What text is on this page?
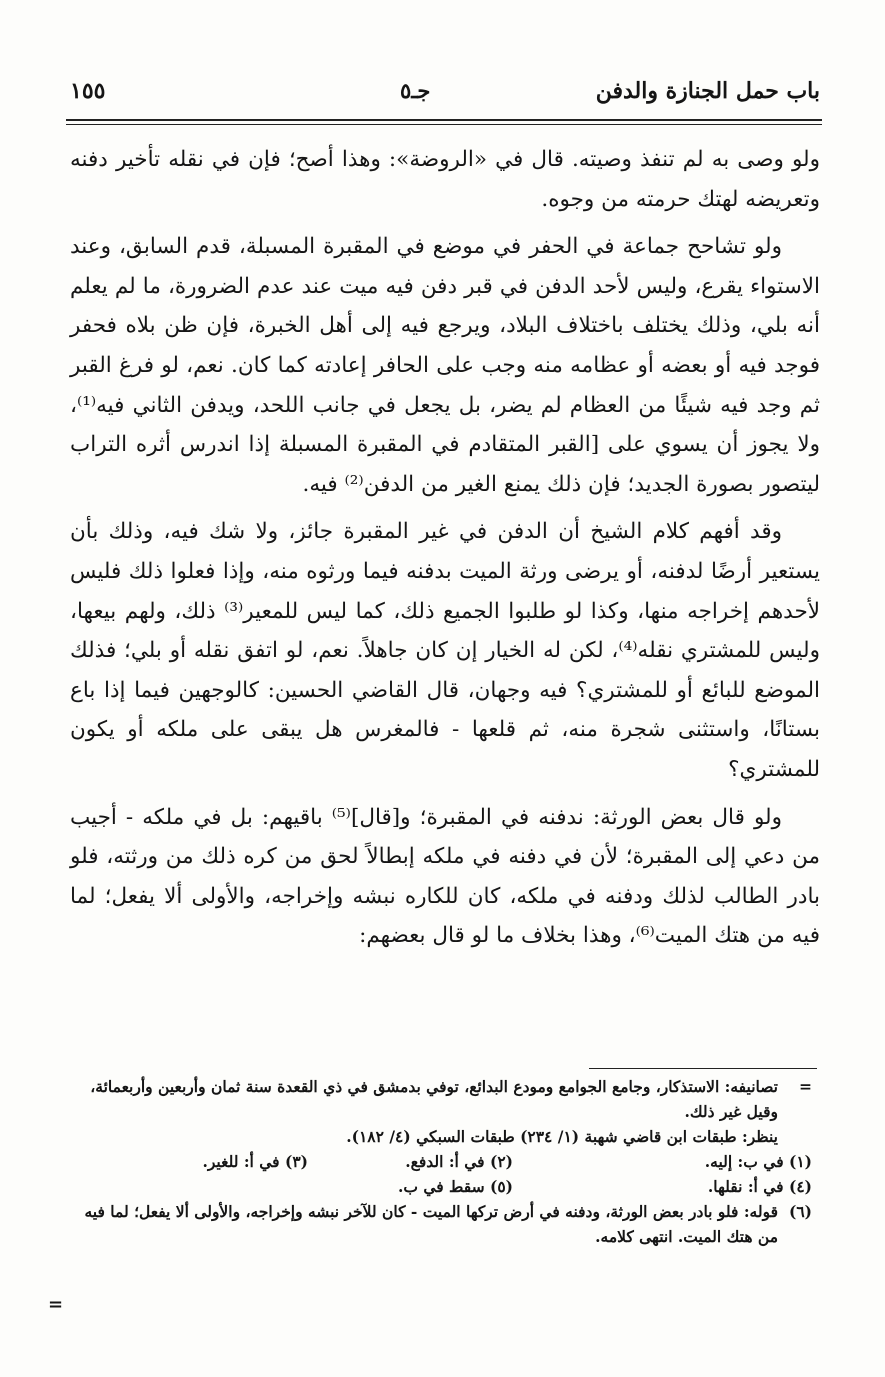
باب حمل الجنازة والدفن
جـ٥
١٥٥

ولو وصى به لم تنفذ وصيته. قال في «الروضة»: وهذا أصح؛ فإن في نقله تأخير دفنه وتعريضه لهتك حرمته من وجوه.

ولو تشاحح جماعة في الحفر في موضع في المقبرة المسبلة، قدم السابق، وعند الاستواء يقرع، وليس لأحد الدفن في قبر دفن فيه ميت عند عدم الضرورة، ما لم يعلم أنه بلي، وذلك يختلف باختلاف البلاد، ويرجع فيه إلى أهل الخبرة، فإن ظن بلاه فحفر فوجد فيه أو بعضه أو عظامه منه وجب على الحافر إعادته كما كان. نعم، لو فرغ القبر ثم وجد فيه شيئًا من العظام لم يضر، بل يجعل في جانب اللحد، ويدفن الثاني فيه⁽¹⁾، ولا يجوز أن يسوي على [القبر المتقادم في المقبرة المسبلة إذا اندرس أثره التراب ليتصور بصورة الجديد؛ فإن ذلك يمنع الغير من الدفن⁽²⁾ فيه.

وقد أفهم كلام الشيخ أن الدفن في غير المقبرة جائز، ولا شك فيه، وذلك بأن يستعير أرضًا لدفنه، أو يرضى ورثة الميت بدفنه فيما ورثوه منه، وإذا فعلوا ذلك فليس لأحدهم إخراجه منها، وكذا لو طلبوا الجميع ذلك، كما ليس للمعير⁽³⁾ ذلك، ولهم بيعها، وليس للمشتري نقله⁽⁴⁾، لكن له الخيار إن كان جاهلاً. نعم، لو اتفق نقله أو بلي؛ فذلك الموضع للبائع أو للمشتري؟ فيه وجهان، قال القاضي الحسين: كالوجهين فيما إذا باع بستانًا، واستثنى شجرة منه، ثم قلعها - فالمغرس هل يبقى على ملكه أو يكون للمشتري؟

ولو قال بعض الورثة: ندفنه في المقبرة؛ و[قال]⁽⁵⁾ باقيهم: بل في ملكه - أجيب من دعي إلى المقبرة؛ لأن في دفنه في ملكه إبطالاً لحق من كره ذلك من ورثته، فلو بادر الطالب لذلك ودفنه في ملكه، كان للكاره نبشه وإخراجه، والأولى ألا يفعل؛ لما فيه من هتك الميت⁽⁶⁾، وهذا بخلاف ما لو قال بعضهم:

=
تصانيفه: الاستذكار، وجامع الجوامع ومودع البدائع، توفي بدمشق في ذي القعدة سنة ثمان وأربعين وأربعمائة، وقيل غير ذلك.
ينظر: طبقات ابن قاضي شهبة (١/ ٢٣٤) طبقات السبكي (٤/ ١٨٢).
(١) في ب: إليه.
(٢) في أ: الدفع.
(٣) في أ: للغير.
(٤) في أ: نقلها.
(٥) سقط في ب.
(٦)
قوله: فلو بادر بعض الورثة، ودفنه في أرض تركها الميت - كان للآخر نبشه وإخراجه، والأولى ألا يفعل؛ لما فيه من هتك الميت. انتهى كلامه.
=
